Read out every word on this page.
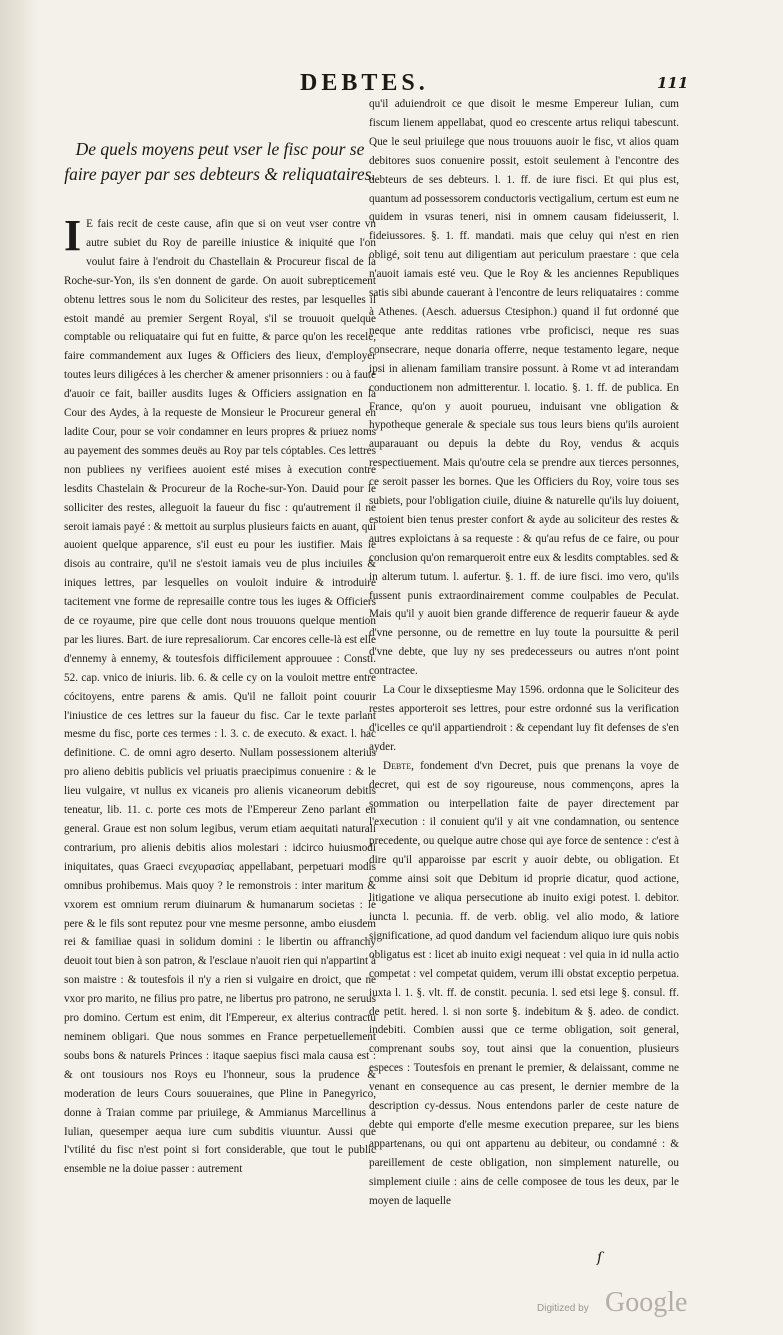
DEBTES.	111
De quels moyens peut vser le fisc pour se faire payer par ses debteurs & reliquataires.

I E fais recit de ceste cause, afin que si on veut vser contre vn autre subiet du Roy de pareille iniustice & iniquité que l'on voulut faire à l'endroit du Chastellain & Procureur fiscal de la Roche-sur-Yon, ils s'en donnent de garde. On auoit subrepticement obtenu lettres sous le nom du Soliciteur des restes, par lesquelles il estoit mandé au premier Sergent Royal, s'il se trouuoit quelque comptable ou reliquataire qui fut en fuitte, & parce qu'on les recele, faire commandement aux Iuges & Officiers des lieux, d'employer toutes leurs diligéces à les chercher & amener prisonniers : ou à faute d'auoir ce fait, bailler ausdits Iuges & Officiers assignation en la Cour des Aydes, à la requeste de Monsieur le Procureur general en ladite Cour, pour se voir condamner en leurs propres & priuez noms au payement des sommes deuës au Roy par tels cóptables. Ces lettres non publiees ny verifiees auoient esté mises à execution contre lesdits Chastelain & Procureur de la Roche-sur-Yon. Dauid pour le solliciter des restes, alleguoit la faueur du fisc : qu'autrement il ne seroit iamais payé : & mettoit au surplus plusieurs faicts en auant, qui auoient quelque apparence, s'il eust eu pour les iustifier. Mais ie disois au contraire, qu'il ne s'estoit iamais veu de plus inciuiles & iniques lettres, par lesquelles on vouloit induire & introduire tacitement vne forme de represaille contre tous les iuges & Officiers de ce royaume, pire que celle dont nous trouuons quelque mention par les liures. Bart. de iure represaliorum. Car encores celle-là est elle d'ennemy à ennemy, & toutesfois difficilement approuuee : Consti. 52. cap. vnico de iniuris. lib. 6. & celle cy on la vouloit mettre entre cócitoyens, entre parens & amis. Qu'il ne falloit point couurir l'iniustice de ces lettres sur la faueur du fisc. Car le texte parlant mesme du fisc, porte ces termes : l. 3. c. de executo. & exact. l. hac definitione. C. de omni agro deserto. Nullam possessionem alterius pro alieno debitis publicis vel priuatis praecipimus conuenire : & le lieu vulgaire, vt nullus ex vicaneis pro alienis vicaneorum debitis teneatur, lib. 11. c. porte ces mots de l'Empereur Zeno parlant en general. Graue est non solum legibus, verum etiam aequitati naturali contrarium, pro alienis debitis alios molestari : idcirco huiusmodi iniquitates, quas Graeci ενεχυρασίας appellabant, perpetuari modis omnibus prohibemus. Mais quoy ? le remonstrois : inter maritum & vxorem est omnium rerum diuinarum & humanarum societas : le pere & le fils sont reputez pour vne mesme personne, ambo eiusdem rei & familiae quasi in solidum domini : le libertin ou affranchy deuoit tout bien à son patron, & l'esclaue n'auoit rien qui n'appartint à son maistre : & toutesfois il n'y a rien si vulgaire en droict, que ne vxor pro marito, ne filius pro patre, ne libertus pro patrono, ne seruus pro domino. Certum est enim, dit l'Empereur, ex alterius contractu neminem obligari. Que nous sommes en France perpetuellement soubs bons & naturels Princes : itaque saepius fisci mala causa est : & ont tousiours nos Roys eu l'honneur, sous la prudence & moderation de leurs Cours souueraines, que Pline in Panegyrico, donne à Traian comme par priuilege, & Ammianus Marcellinus à Iulian, quesemper aequa iure cum subditis viuuntur. Aussi que l'vtilité du fisc n'est point si fort considerable, que tout le public ensemble ne la doiue passer : autrement

qu'il aduiendroit ce que disoit le mesme Empereur Iulian, cum fiscum lienem appellabat, quod eo crescente artus reliqui tabescunt. Que le seul priuilege que nous trouuons auoir le fisc, vt alios quam debitores suos conuenire possit, estoit seulement à l'encontre des debteurs de ses debteurs. l. 1. ff. de iure fisci. Et qui plus est, quantum ad possessorem conductoris vectigalium, certum est eum ne quidem in vsuras teneri, nisi in omnem causam fideiusserit, l. fideiussores. §. 1. ff. mandati. mais que celuy qui n'est en rien obligé, soit tenu aut diligentiam aut periculum praestare : que cela n'auoit iamais esté veu. Que le Roy & les anciennes Republiques satis sibi abunde cauerant à l'encontre de leurs reliquataires : comme à Athenes. (Aesch. aduersus Ctesiphon.) quand il fut ordonné que neque ante redditas rationes vrbe proficisci, neque res suas consecrare, neque donaria offerre, neque testamento legare, neque ipsi in alienam familiam transire possunt. à Rome vt ad interandam conductionem non admitterentur. l. locatio. §. 1. ff. de publica. En France, qu'on y auoit pourueu, induisant vne obligation & hypotheque generale & speciale sus tous leurs biens qu'ils auroient auparauant ou depuis la debte du Roy, vendus & acquis respectiuement. Mais qu'outre cela se prendre aux tierces personnes, ce seroit passer les bornes. Que les Officiers du Roy, voire tous ses subiets, pour l'obligation ciuile, diuine & naturelle qu'ils luy doiuent, estoient bien tenus prester confort & ayde au soliciteur des restes & autres exploictans à sa requeste : & qu'au refus de ce faire, ou pour conclusion qu'on remarqueroit entre eux & lesdits comptables. sed & in alterum tutum. l. aufertur. §. 1. ff. de iure fisci. imo vero, qu'ils fussent punis extraordinairement comme coulpables de Peculat. Mais qu'il y auoit bien grande difference de requerir faueur & ayde d'vne personne, ou de remettre en luy toute la poursuitte & peril d'vne debte, que luy ny ses predecesseurs ou autres n'ont point contractee.

La Cour le dixseptiesme May 1596. ordonna que le Soliciteur des restes apporteroit ses lettres, pour estre ordonné sus la verification d'icelles ce qu'il appartiendroit : & cependant luy fit defenses de s'en ayder.

Debte, fondement d'vn Decret, puis que prenans la voye de decret, qui est de soy rigoureuse, nous commençons, apres la sommation ou interpellation faite de payer directement par l'execution : il conuient qu'il y ait vne condamnation, ou sentence precedente, ou quelque autre chose qui aye force de sentence : c'est à dire qu'il apparoisse par escrit y auoir debte, ou obligation. Et comme ainsi soit que Debitum id proprie dicatur, quod actione, litigatione ve aliqua persecutione ab inuito exigi potest. l. debitor. iuncta l. pecunia. ff. de verb. oblig. vel alio modo, & latiore significatione, ad quod dandum vel faciendum aliquo iure quis nobis obligatus est : licet ab inuito exigi nequeat : vel quia in id nulla actio competat : vel competat quidem, verum illi obstat exceptio perpetua. iuxta l. 1. §. vlt. ff. de constit. pecunia. l. sed etsi lege §. consul. ff. de petit. hered. l. si non sorte §. indebitum & §. adeo. de condict. indebiti. Combien aussi que ce terme obligation, soit general, comprenant soubs soy, tout ainsi que la conuention, plusieurs especes : Toutesfois en prenant le premier, & delaissant, comme ne venant en consequence au cas present, le dernier membre de la description cy-dessus. Nous entendons parler de ceste nature de debte qui emporte d'elle mesme execution preparee, sur les biens appartenans, ou qui ont appartenu au debiteur, ou condamné : & pareillement de ceste obligation, non simplement naturelle, ou simplement ciuile : ains de celle composee de tous les deux, par le moyen de laquelle

ſ
Digitized by Google
